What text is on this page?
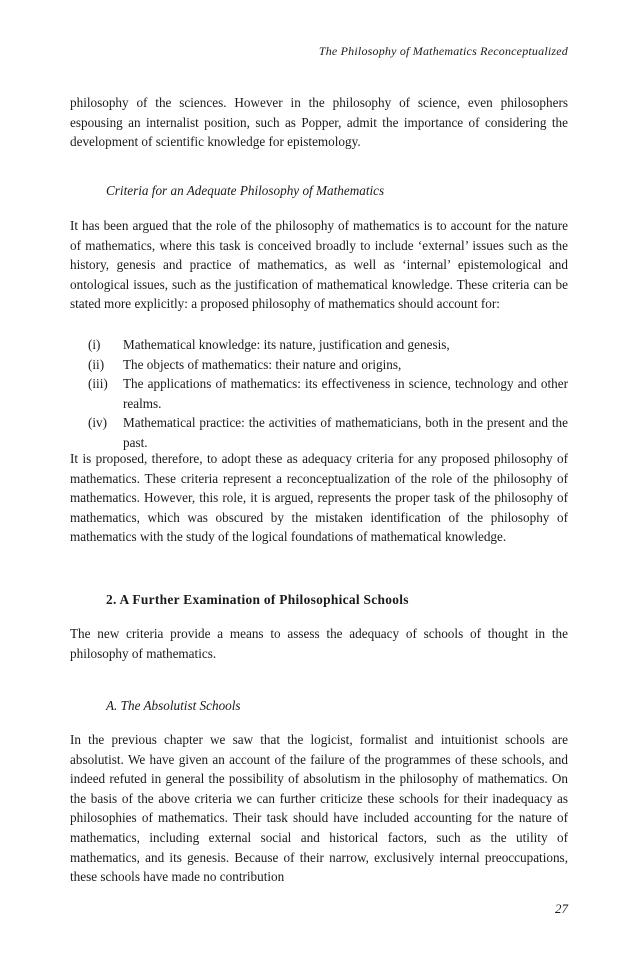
The Philosophy of Mathematics Reconceptualized

philosophy of the sciences. However in the philosophy of science, even philosophers espousing an internalist position, such as Popper, admit the importance of considering the development of scientific knowledge for epistemology.

Criteria for an Adequate Philosophy of Mathematics

It has been argued that the role of the philosophy of mathematics is to account for the nature of mathematics, where this task is conceived broadly to include ‘external’ issues such as the history, genesis and practice of mathematics, as well as ‘internal’ epistemological and ontological issues, such as the justification of mathematical knowledge. These criteria can be stated more explicitly: a proposed philosophy of mathematics should account for:

(i)	Mathematical knowledge: its nature, justification and genesis,
(ii)	The objects of mathematics: their nature and origins,
(iii)	The applications of mathematics: its effectiveness in science, technology and other realms.
(iv)	Mathematical practice: the activities of mathematicians, both in the present and the past.

It is proposed, therefore, to adopt these as adequacy criteria for any proposed philosophy of mathematics. These criteria represent a reconceptualization of the role of the philosophy of mathematics. However, this role, it is argued, represents the proper task of the philosophy of mathematics, which was obscured by the mistaken identification of the philosophy of mathematics with the study of the logical foundations of mathematical knowledge.

2. A Further Examination of Philosophical Schools

The new criteria provide a means to assess the adequacy of schools of thought in the philosophy of mathematics.

A. The Absolutist Schools

In the previous chapter we saw that the logicist, formalist and intuitionist schools are absolutist. We have given an account of the failure of the programmes of these schools, and indeed refuted in general the possibility of absolutism in the philosophy of mathematics. On the basis of the above criteria we can further criticize these schools for their inadequacy as philosophies of mathematics. Their task should have included accounting for the nature of mathematics, including external social and historical factors, such as the utility of mathematics, and its genesis. Because of their narrow, exclusively internal preoccupations, these schools have made no contribution

27
